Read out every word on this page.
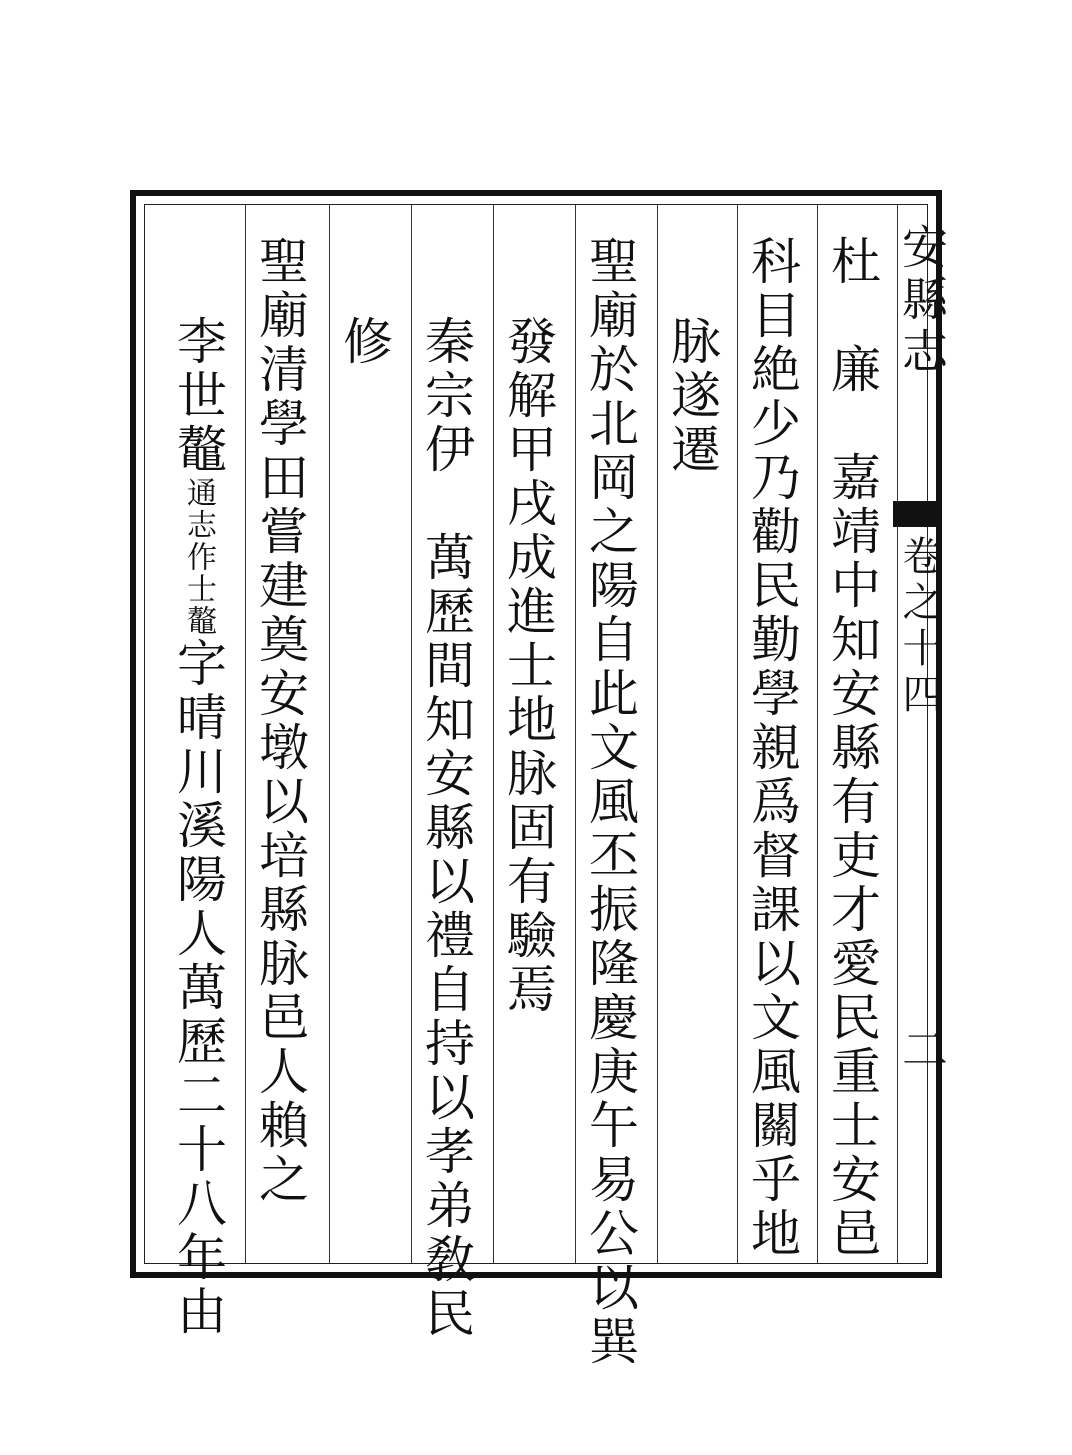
安縣志
卷之十四
二
杜　廉　嘉靖中知安縣有吏才愛民重士安邑
科目絶少乃勸民勤學親爲督課以文風關乎地
脉遂遷
聖廟於北岡之陽自此文風丕振隆慶庚午易公以巽
發解甲戌成進士地脉固有驗焉
秦宗伊　萬歷間知安縣以禮自持以孝弟敎民
修
聖廟清學田嘗建奠安墩以培縣脉邑人賴之
李世鼇通志作士鼇字晴川溪陽人萬歷二十八年由
